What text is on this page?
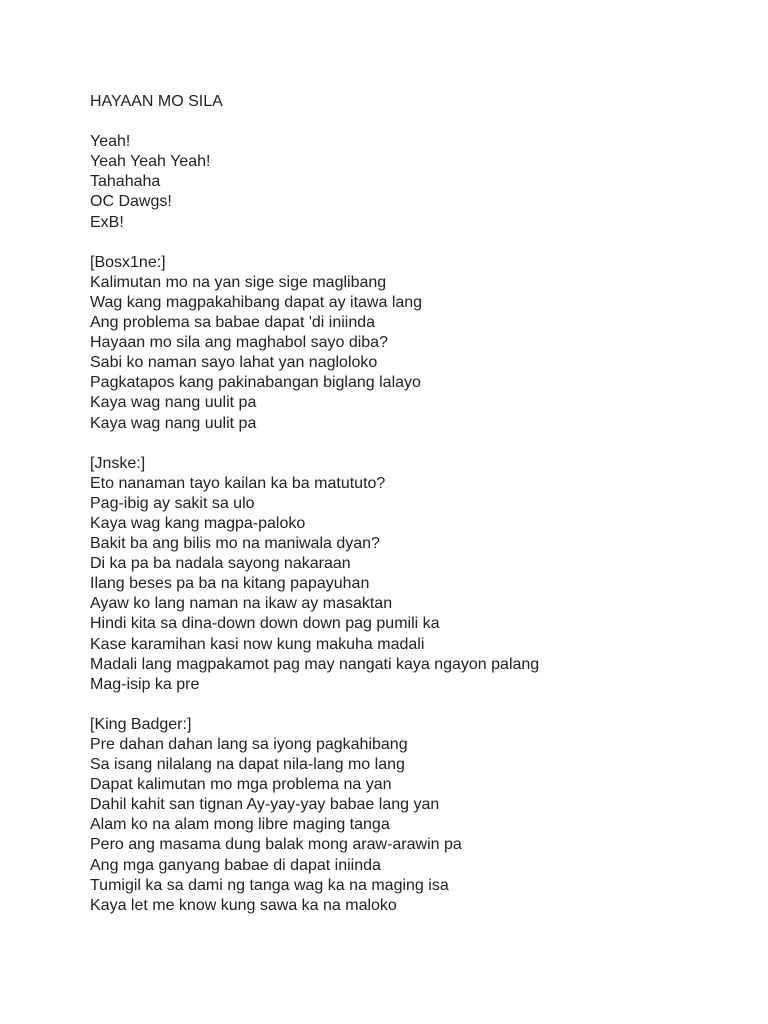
HAYAAN MO SILA
Yeah!
Yeah Yeah Yeah!
Tahahaha
OC Dawgs!
ExB!
[Bosx1ne:]
Kalimutan mo na yan sige sige maglibang
Wag kang magpakahibang dapat ay itawa lang
Ang problema sa babae dapat 'di iniinda
Hayaan mo sila ang maghabol sayo diba?
Sabi ko naman sayo lahat yan nagloloko
Pagkatapos kang pakinabangan biglang lalayo
Kaya wag nang uulit pa
Kaya wag nang uulit pa
[Jnske:]
Eto nanaman tayo kailan ka ba matututo?
Pag-ibig ay sakit sa ulo
Kaya wag kang magpa-paloko
Bakit ba ang bilis mo na maniwala dyan?
Di ka pa ba nadala sayong nakaraan
Ilang beses pa ba na kitang papayuhan
Ayaw ko lang naman na ikaw ay masaktan
Hindi kita sa dina-down down down pag pumili ka
Kase karamihan kasi now kung makuha madali
Madali lang magpakamot pag may nangati kaya ngayon palang
Mag-isip ka pre
[King Badger:]
Pre dahan dahan lang sa iyong pagkahibang
Sa isang nilalang na dapat nila-lang mo lang
Dapat kalimutan mo mga problema na yan
Dahil kahit san tignan Ay-yay-yay babae lang yan
Alam ko na alam mong libre maging tanga
Pero ang masama dung balak mong araw-arawin pa
Ang mga ganyang babae di dapat iniinda
Tumigil ka sa dami ng tanga wag ka na maging isa
Kaya let me know kung sawa ka na maloko
